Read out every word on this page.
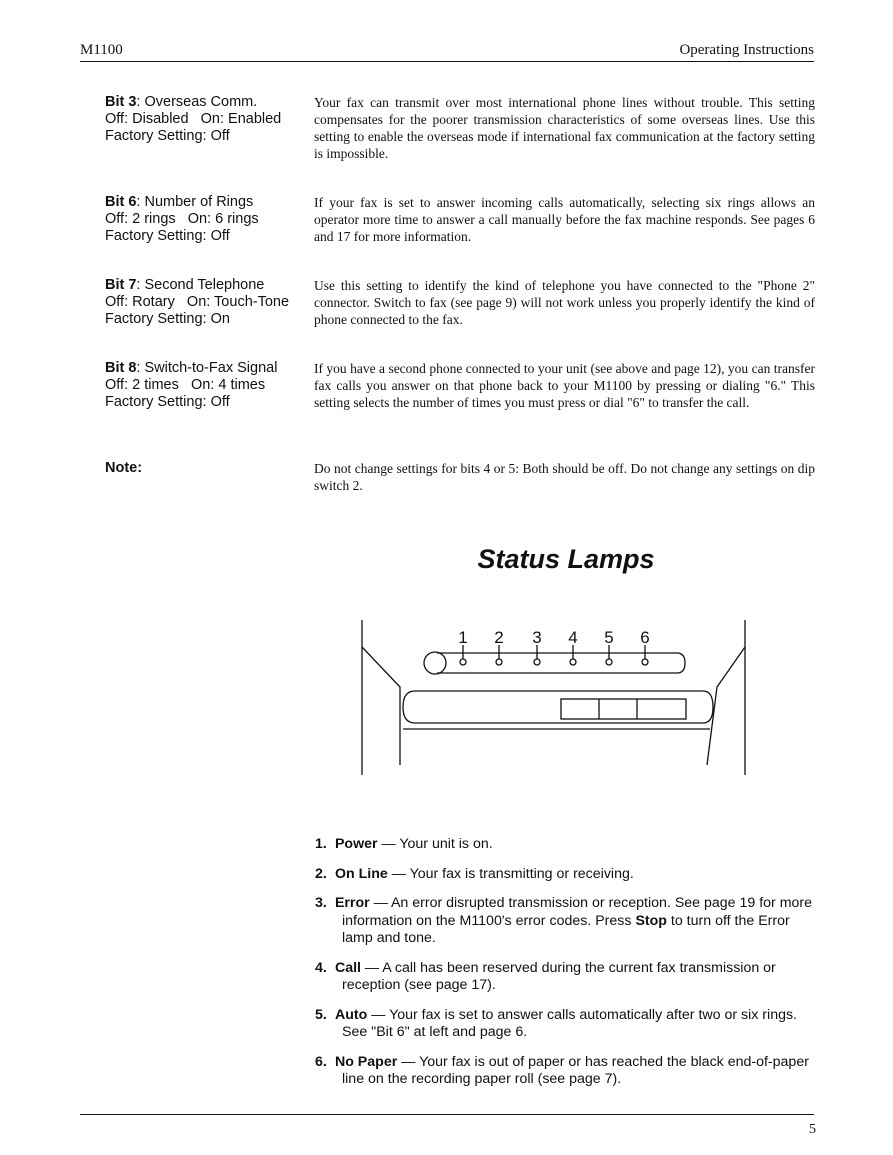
M1100	Operating Instructions
Bit 3: Overseas Comm.
Off: Disabled   On: Enabled
Factory Setting: Off
Your fax can transmit over most international phone lines without trouble. This setting compensates for the poorer transmission characteristics of some overseas lines. Use this setting to enable the overseas mode if international fax communication at the factory setting is impossible.
Bit 6: Number of Rings
Off: 2 rings   On: 6 rings
Factory Setting: Off
If your fax is set to answer incoming calls automatically, selecting six rings allows an operator more time to answer a call manually before the fax machine responds. See pages 6 and 17 for more information.
Bit 7: Second Telephone
Off: Rotary   On: Touch-Tone
Factory Setting: On
Use this setting to identify the kind of telephone you have connected to the "Phone 2" connector. Switch to fax (see page 9) will not work unless you properly identify the kind of phone connected to the fax.
Bit 8: Switch-to-Fax Signal
Off: 2 times   On: 4 times
Factory Setting: Off
If you have a second phone connected to your unit (see above and page 12), you can transfer fax calls you answer on that phone back to your M1100 by pressing or dialing "6." This setting selects the number of times you must press or dial "6" to transfer the call.
Note:	Do not change settings for bits 4 or 5: Both should be off. Do not change any settings on dip switch 2.
Status Lamps
1 2 3 4 5 6
1. Power — Your unit is on.
2. On Line — Your fax is transmitting or receiving.
3. Error — An error disrupted transmission or reception. See page 19 for more information on the M1100's error codes. Press Stop to turn off the Error lamp and tone.
4. Call — A call has been reserved during the current fax transmission or reception (see page 17).
5. Auto — Your fax is set to answer calls automatically after two or six rings. See "Bit 6" at left and page 6.
6. No Paper — Your fax is out of paper or has reached the black end-of-paper line on the recording paper roll (see page 7).
5
